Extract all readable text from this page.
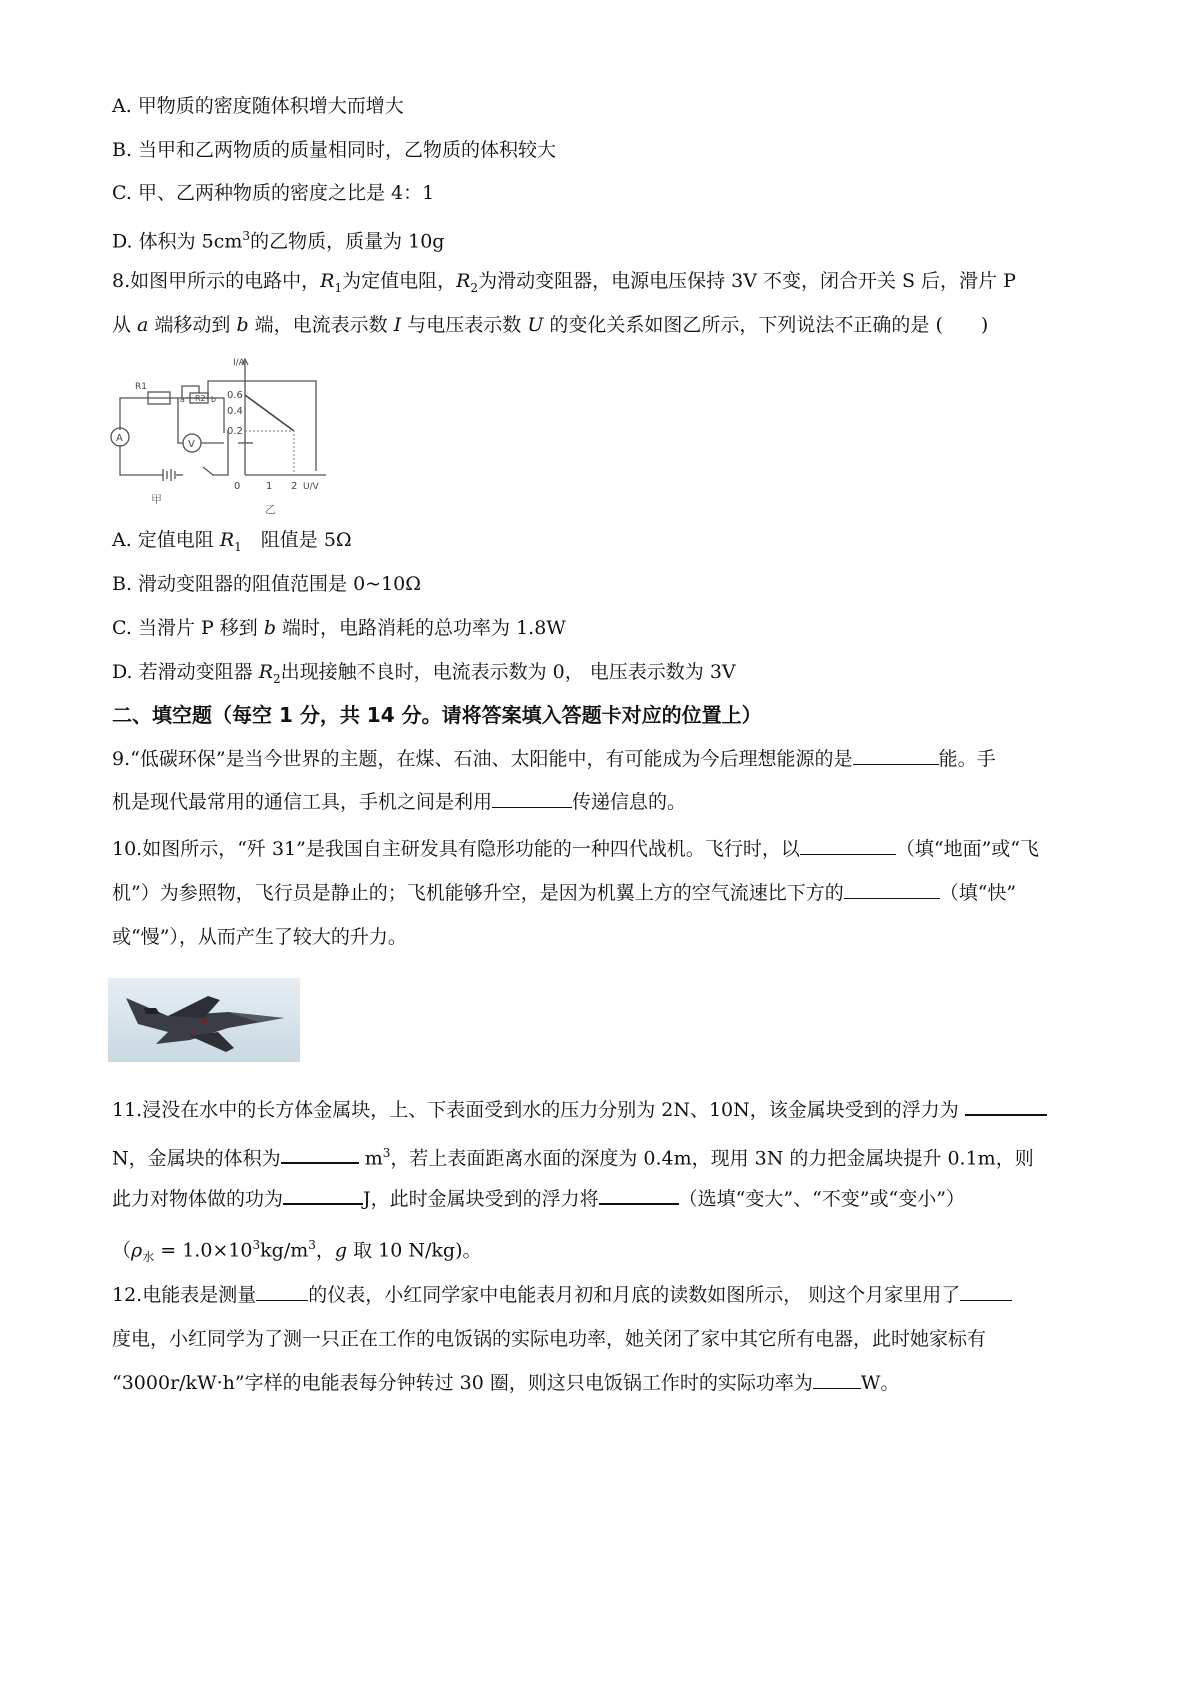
A. 甲物质的密度随体积增大而增大
B. 当甲和乙两物质的质量相同时，乙物质的体积较大
C. 甲、乙两种物质的密度之比是 4：1
D. 体积为 $5cm^3$的乙物质，质量为 10g
8.如图甲所示的电路中，$R_1$为定值电阻，$R_2$为滑动变阻器，电源电压保持 3V 不变，闭合开关 S 后，滑片 P
从 a 端移动到 b 端，电流表示数 I 与电压表示数 U 的变化关系如图乙所示，下列说法不正确的是 (　　)
R1
R2
a	b
V
A
甲
I/A
0.6
0.4
0.2
0	1 2 U/V
乙
A. 定值电阻 $R_1$　阻值是 5Ω
B. 滑动变阻器的阻值范围是 0~10Ω
C. 当滑片 P 移到 b 端时，电路消耗的总功率为 1.8W
D. 若滑动变阻器 $R_2$出现接触不良时，电流表示数为 0， 电压表示数为 3V
二、填空题（每空 1 分，共 14 分。请将答案填入答题卡对应的位置上）
9.“低碳环保”是当今世界的主题，在煤、石油、太阳能中，有可能成为今后理想能源的是	能。手
机是现代最常用的通信工具，手机之间是利用	传递信息的。
10.如图所示，“歼 31”是我国自主研发具有隐形功能的一种四代战机。飞行时，以	（填“地面”或“飞
机”）为参照物，飞行员是静止的；飞机能够升空，是因为机翼上方的空气流速比下方的	（填“快”
或“慢”），从而产生了较大的升力。
11.浸没在水中的长方体金属块，上、下表面受到水的压力分别为 2N、10N，该金属块受到的浮力为
N，金属块的体积为	$m^3$，若上表面距离水面的深度为 0.4m，现用 3N 的力把金属块提升 0.1m，则
此力对物体做的功为	J，此时金属块受到的浮力将	（选填“变大”、“不变”或“变小”）
（$\rho_水 = 1.0\times 10^3kg/m^3$，g 取 10 N/kg)。
12.电能表是测量	的仪表，小红同学家中电能表月初和月底的读数如图所示， 则这个月家里用了
度电，小红同学为了测一只正在工作的电饭锅的实际电功率，她关闭了家中其它所有电器，此时她家标有
“3000r/kW·h”字样的电能表每分钟转过 30 圈，则这只电饭锅工作时的实际功率为	W。
